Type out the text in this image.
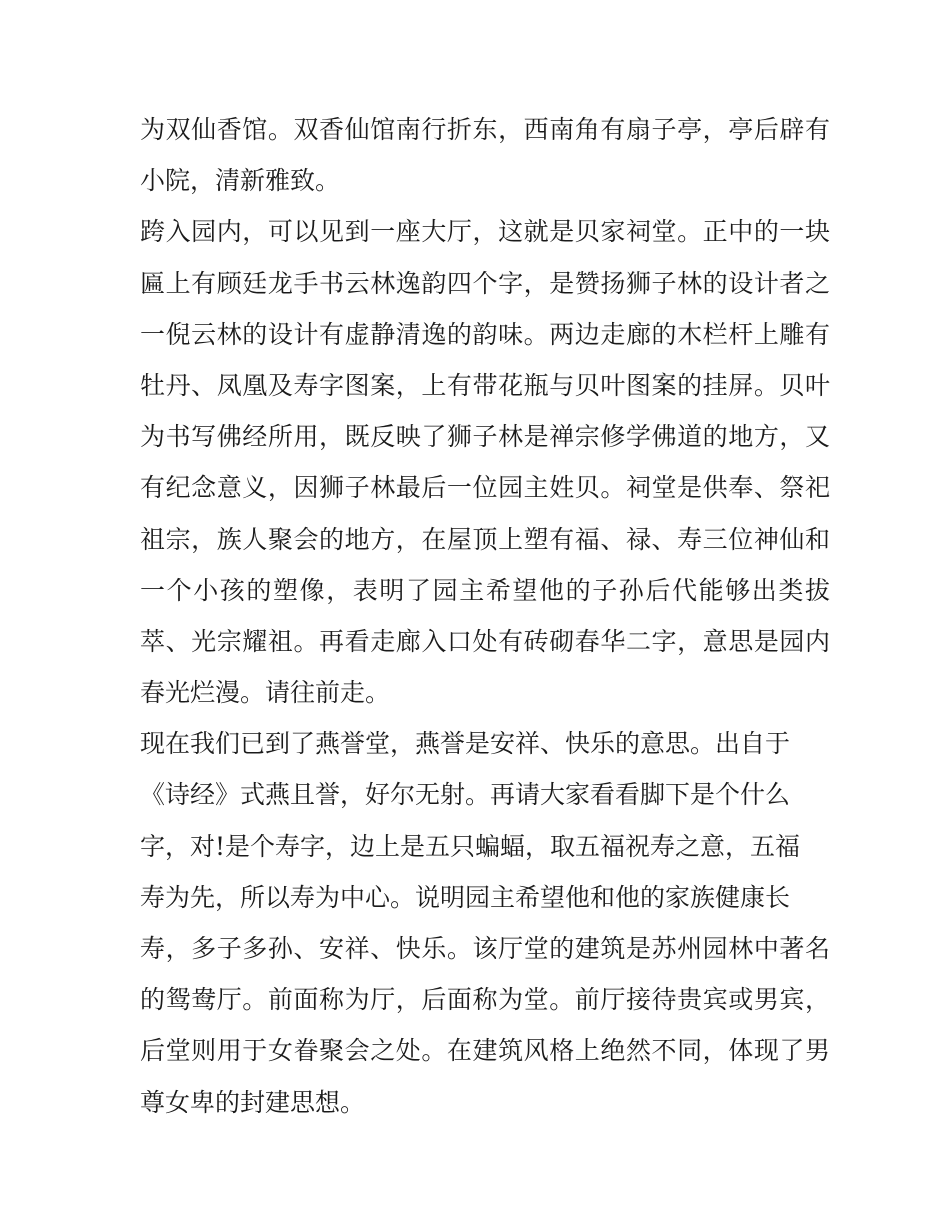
为双仙香馆。双香仙馆南行折东，西南角有扇子亭，亭后辟有
小院，清新雅致。
跨入园内，可以见到一座大厅，这就是贝家祠堂。正中的一块
匾上有顾廷龙手书云林逸韵四个字，是赞扬狮子林的设计者之
一倪云林的设计有虚静清逸的韵味。两边走廊的木栏杆上雕有
牡丹、凤凰及寿字图案，上有带花瓶与贝叶图案的挂屏。贝叶
为书写佛经所用，既反映了狮子林是禅宗修学佛道的地方，又
有纪念意义，因狮子林最后一位园主姓贝。祠堂是供奉、祭祀
祖宗，族人聚会的地方，在屋顶上塑有福、禄、寿三位神仙和
一个小孩的塑像，表明了园主希望他的子孙后代能够出类拔
萃、光宗耀祖。再看走廊入口处有砖砌春华二字，意思是园内
春光烂漫。请往前走。
现在我们已到了燕誉堂，燕誉是安祥、快乐的意思。出自于
《诗经》式燕且誉，好尔无射。再请大家看看脚下是个什么
字，对!是个寿字，边上是五只蝙蝠，取五福祝寿之意，五福
寿为先，所以寿为中心。说明园主希望他和他的家族健康长
寿，多子多孙、安祥、快乐。该厅堂的建筑是苏州园林中著名
的鸳鸯厅。前面称为厅，后面称为堂。前厅接待贵宾或男宾，
后堂则用于女眷聚会之处。在建筑风格上绝然不同，体现了男
尊女卑的封建思想。
